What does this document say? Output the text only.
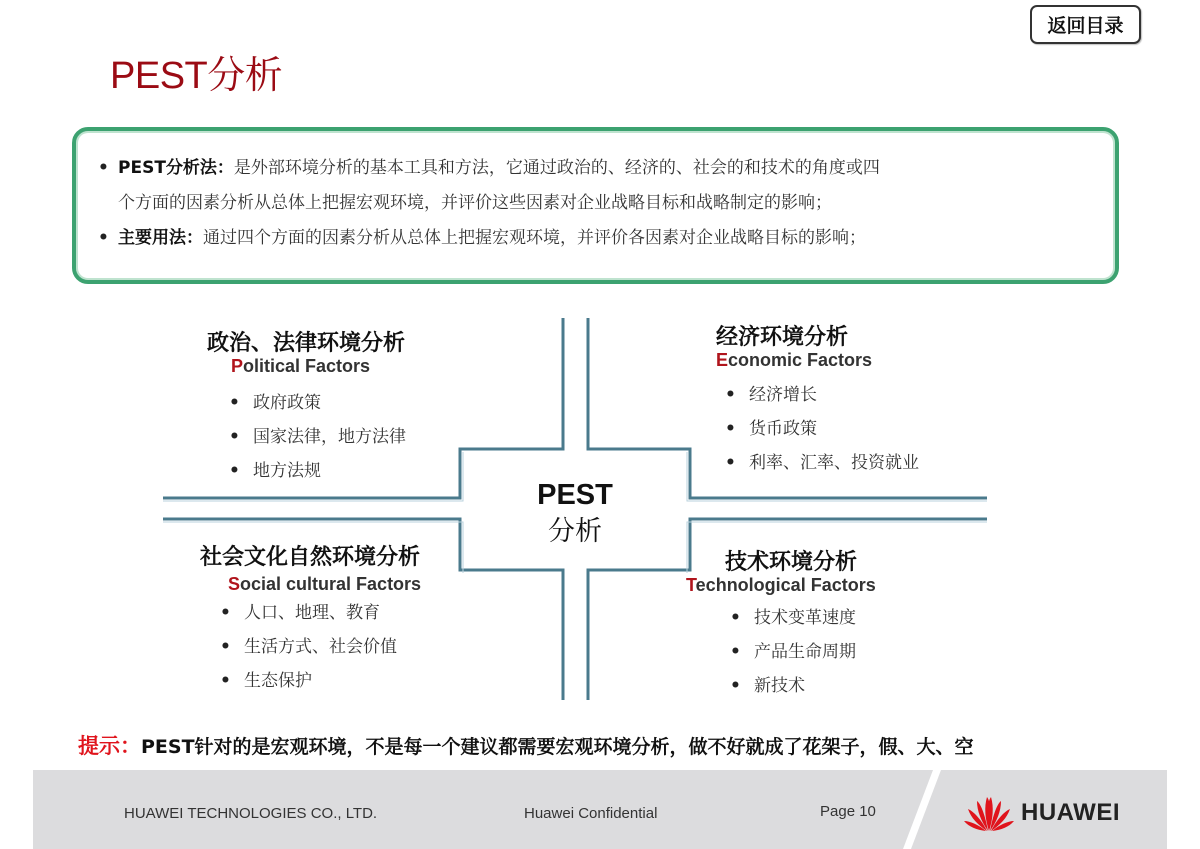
PEST分析
返回目录
• PEST分析法：是外部环境分析的基本工具和方法，它通过政治的、经济的、社会的和技术的角度或四
个方面的因素分析从总体上把握宏观环境，并评价这些因素对企业战略目标和战略制定的影响；
• 主要用法：通过四个方面的因素分析从总体上把握宏观环境，并评价各因素对企业战略目标的影响；
PEST
分析
政治、法律环境分析
Political Factors
• 政府政策
• 国家法律，地方法律
• 地方法规
经济环境分析
Economic Factors
• 经济增长
• 货币政策
• 利率、汇率、投资就业
社会文化自然环境分析
Social cultural Factors
• 人口、地理、教育
• 生活方式、社会价值
• 生态保护
技术环境分析
Technological Factors
• 技术变革速度
• 产品生命周期
• 新技术
提示：PEST针对的是宏观环境，不是每一个建议都需要宏观环境分析，做不好就成了花架子，假、大、空
HUAWEI TECHNOLOGIES CO., LTD.	Huawei Confidential	Page 10	HUAWEI
